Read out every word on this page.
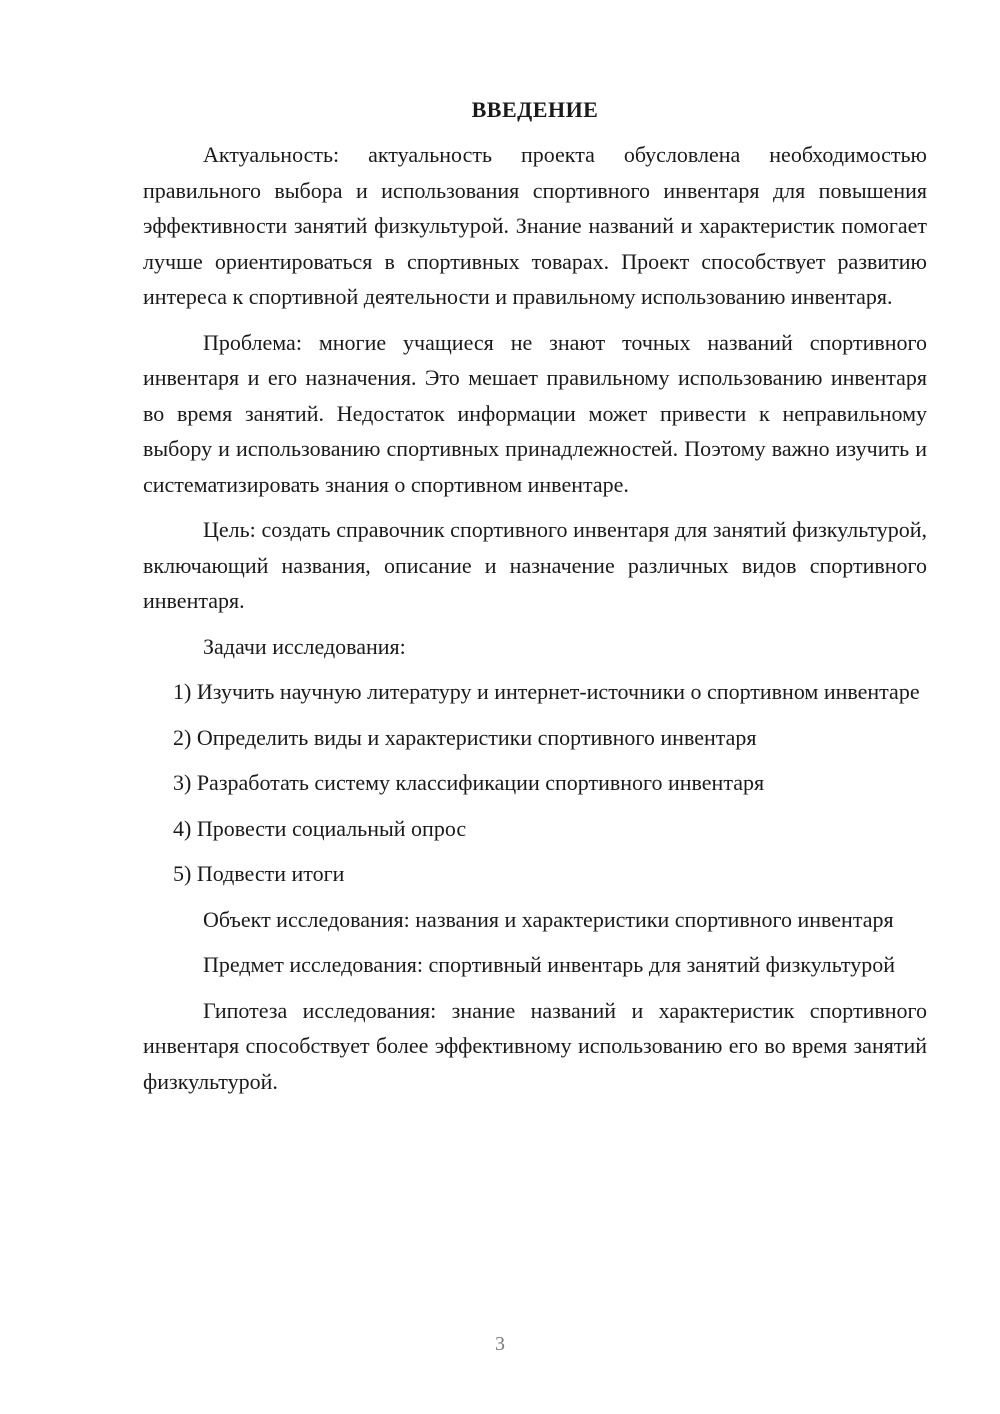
ВВЕДЕНИЕ

Актуальность: актуальность проекта обусловлена необходимостью правильного выбора и использования спортивного инвентаря для повышения эффективности занятий физкультурой. Знание названий и характеристик помогает лучше ориентироваться в спортивных товарах. Проект способствует развитию интереса к спортивной деятельности и правильному использованию инвентаря.

Проблема: многие учащиеся не знают точных названий спортивного инвентаря и его назначения. Это мешает правильному использованию инвентаря во время занятий. Недостаток информации может привести к неправильному выбору и использованию спортивных принадлежностей. Поэтому важно изучить и систематизировать знания о спортивном инвентаре.

Цель: создать справочник спортивного инвентаря для занятий физкультурой, включающий названия, описание и назначение различных видов спортивного инвентаря.

Задачи исследования:

1) Изучить научную литературу и интернет-источники о спортивном инвентаре

2) Определить виды и характеристики спортивного инвентаря

3) Разработать систему классификации спортивного инвентаря

4) Провести социальный опрос

5) Подвести итоги

Объект исследования: названия и характеристики спортивного инвентаря

Предмет исследования: спортивный инвентарь для занятий физкультурой

Гипотеза исследования: знание названий и характеристик спортивного инвентаря способствует более эффективному использованию его во время занятий физкультурой.

3
